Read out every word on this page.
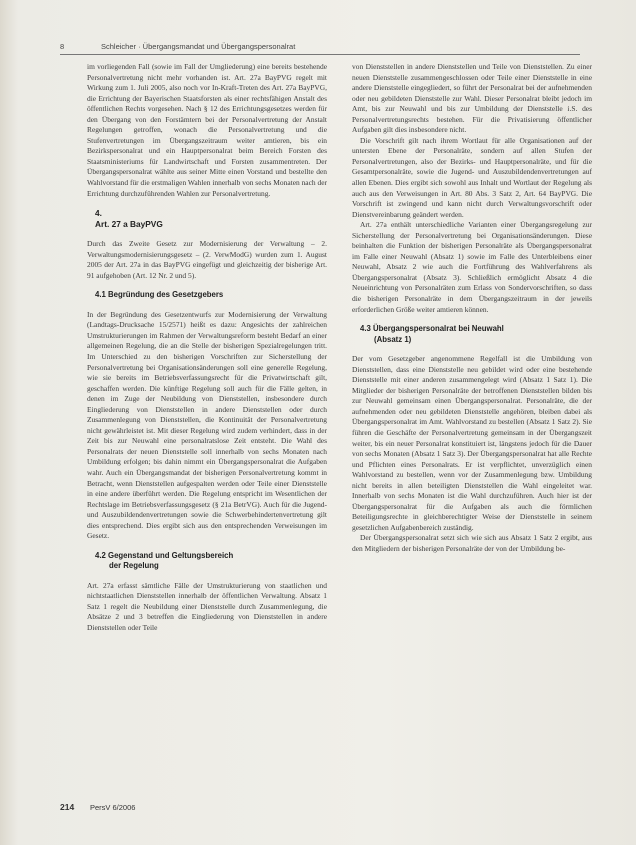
8	Schleicher · Übergangsmandat und Übergangspersonalrat

im vorliegenden Fall (sowie im Fall der Umgliederung) eine bereits bestehende Personalvertretung nicht mehr vorhanden ist. Art. 27a BayPVG regelt mit Wirkung zum 1. Juli 2005, also noch vor In-Kraft-Treten des Art. 27a BayPVG, die Errichtung der Bayerischen Staatsforsten als einer rechtsfähigen Anstalt des öffentlichen Rechts vorgesehen. Nach § 12 des Errichtungsgesetzes werden für den Übergang von den Forstämtern bei der Personalvertretung der Anstalt Regelungen getroffen, wonach die Personalvertretung und die Stufenvertretungen im Übergangszeitraum weiter amtieren, bis ein Bezirkspersonalrat und ein Hauptpersonalrat beim Bereich Forsten des Staatsministeriums für Landwirtschaft und Forsten zusammentreten. Der Übergangspersonalrat wählte aus seiner Mitte einen Vorstand und bestellte den Wahlvorstand für die erstmaligen Wahlen innerhalb von sechs Monaten nach der Errichtung durchzuführenden Wahlen zur Personalvertretung.

4.

Art. 27 a BayPVG

Durch das Zweite Gesetz zur Modernisierung der Verwaltung – 2. Verwaltungsmodernisierungsgesetz – (2. VerwModG) wurden zum 1. August 2005 der Art. 27a in das BayPVG eingefügt und gleichzeitig der bisherige Art. 91 aufgehoben (Art. 12 Nr. 2 und 5).

4.1 Begründung des Gesetzgebers

In der Begründung des Gesetzentwurfs zur Modernisierung der Verwaltung (Landtags-Drucksache 15/2571) heißt es dazu: Angesichts der zahlreichen Umstrukturierungen im Rahmen der Verwaltungsreform besteht Bedarf an einer allgemeinen Regelung, die an die Stelle der bisherigen Spezialregelungen tritt. Im Unterschied zu den bisherigen Vorschriften zur Sicherstellung der Personalvertretung bei Organisationsänderungen soll eine generelle Regelung, wie sie bereits im Betriebsverfassungsrecht für die Privatwirtschaft gilt, geschaffen werden. Die künftige Regelung soll auch für die Fälle gelten, in denen im Zuge der Neubildung von Dienststellen, insbesondere durch Eingliederung von Dienststellen in andere Dienststellen oder durch Zusammenlegung von Dienststellen, die Kontinuität der Personalvertretung nicht gewährleistet ist. Mit dieser Regelung wird zudem verhindert, dass in der Zeit bis zur Neuwahl eine personalratslose Zeit entsteht. Die Wahl des Personalrats der neuen Dienststelle soll innerhalb von sechs Monaten nach Umbildung erfolgen; bis dahin nimmt ein Übergangspersonalrat die Aufgaben wahr. Auch ein Übergangsmandat der bisherigen Personalvertretung kommt in Betracht, wenn Dienststellen aufgespalten werden oder Teile einer Dienststelle in eine andere überführt werden. Die Regelung entspricht im Wesentlichen der Rechtslage im Betriebsverfassungsgesetz (§ 21a BetrVG). Auch für die Jugend- und Auszubildendenvertretungen sowie die Schwerbehindertenvertretung gilt dies entsprechend. Dies ergibt sich aus den entsprechenden Verweisungen im Gesetz.

4.2 Gegenstand und Geltungsbereich
der Regelung

Art. 27a erfasst sämtliche Fälle der Umstrukturierung von staatlichen und nichtstaatlichen Dienststellen innerhalb der öffentlichen Verwaltung. Absatz 1 Satz 1 regelt die Neubildung einer Dienststelle durch Zusammenlegung, die Absätze 2 und 3 betreffen die Eingliederung von Dienststellen in andere Dienststellen oder Teile

von Dienststellen in andere Dienststellen und Teile von Dienststellen. Zu einer neuen Dienststelle zusammengeschlossen oder Teile einer Dienststelle in eine andere Dienststelle eingegliedert, so führt der Personalrat bei der aufnehmenden oder neu gebildeten Dienststelle zur Wahl. Dieser Personalrat bleibt jedoch im Amt, bis zur Neuwahl und bis zur Umbildung der Dienststelle i.S. des Personalvertretungsrechts bestehen. Für die Privatisierung öffentlicher Aufgaben gilt dies insbesondere nicht.

Die Vorschrift gilt nach ihrem Wortlaut für alle Organisationen auf der untersten Ebene der Personalräte, sondern auf allen Stufen der Personalvertretungen, also der Bezirks- und Hauptpersonalräte, und für die Gesamtpersonalräte, sowie die Jugend- und Auszubildendenvertretungen auf allen Ebenen. Dies ergibt sich sowohl aus Inhalt und Wortlaut der Regelung als auch aus den Verweisungen in Art. 80 Abs. 3 Satz 2, Art. 64 BayPVG. Die Vorschrift ist zwingend und kann nicht durch Verwaltungsvorschrift oder Dienstvereinbarung geändert werden.

Art. 27a enthält unterschiedliche Varianten einer Übergangsregelung zur Sicherstellung der Personalvertretung bei Organisationsänderungen. Diese beinhalten die Funktion der bisherigen Personalräte als Übergangspersonalrat im Falle einer Neuwahl (Absatz 1) sowie im Falle des Unterbleibens einer Neuwahl, Absatz 2 wie auch die Fortführung des Wahlverfahrens als Übergangspersonalrat (Absatz 3). Schließlich ermöglicht Absatz 4 die Neueinrichtung von Personalräten zum Erlass von Sondervorschriften, so dass die bisherigen Personalräte in dem Übergangszeitraum in der jeweils erforderlichen Größe weiter amtieren können.

4.3 Übergangspersonalrat bei Neuwahl
(Absatz 1)

Der vom Gesetzgeber angenommene Regelfall ist die Umbildung von Dienststellen, dass eine Dienststelle neu gebildet wird oder eine bestehende Dienststelle mit einer anderen zusammengelegt wird (Absatz 1 Satz 1). Die Mitglieder der bisherigen Personalräte der betroffenen Dienststellen bilden bis zur Neuwahl gemeinsam einen Übergangspersonalrat. Personalräte, die der aufnehmenden oder neu gebildeten Dienststelle angehören, bleiben dabei als Übergangspersonalrat im Amt. Wahlvorstand zu bestellen (Absatz 1 Satz 2). Sie führen die Geschäfte der Personalvertretung gemeinsam in der Übergangszeit weiter, bis ein neuer Personalrat konstituiert ist, längstens jedoch für die Dauer von sechs Monaten (Absatz 1 Satz 3). Der Übergangspersonalrat hat alle Rechte und Pflichten eines Personalrats. Er ist verpflichtet, unverzüglich einen Wahlvorstand zu bestellen, wenn vor der Zusammenlegung bzw. Umbildung nicht bereits in allen beteiligten Dienststellen die Wahl eingeleitet war. Innerhalb von sechs Monaten ist die Wahl durchzuführen. Auch hier ist der Übergangspersonalrat für die Aufgaben als auch die förmlichen Beteiligungsrechte in gleichberechtigter Weise der Dienststelle in seinem gesetzlichen Aufgabenbereich zuständig.

Der Übergangspersonalrat setzt sich wie sich aus Absatz 1 Satz 2 ergibt, aus den Mitgliedern der bisherigen Personalräte der von der Umbildung be-

214 PersV 6/2006
